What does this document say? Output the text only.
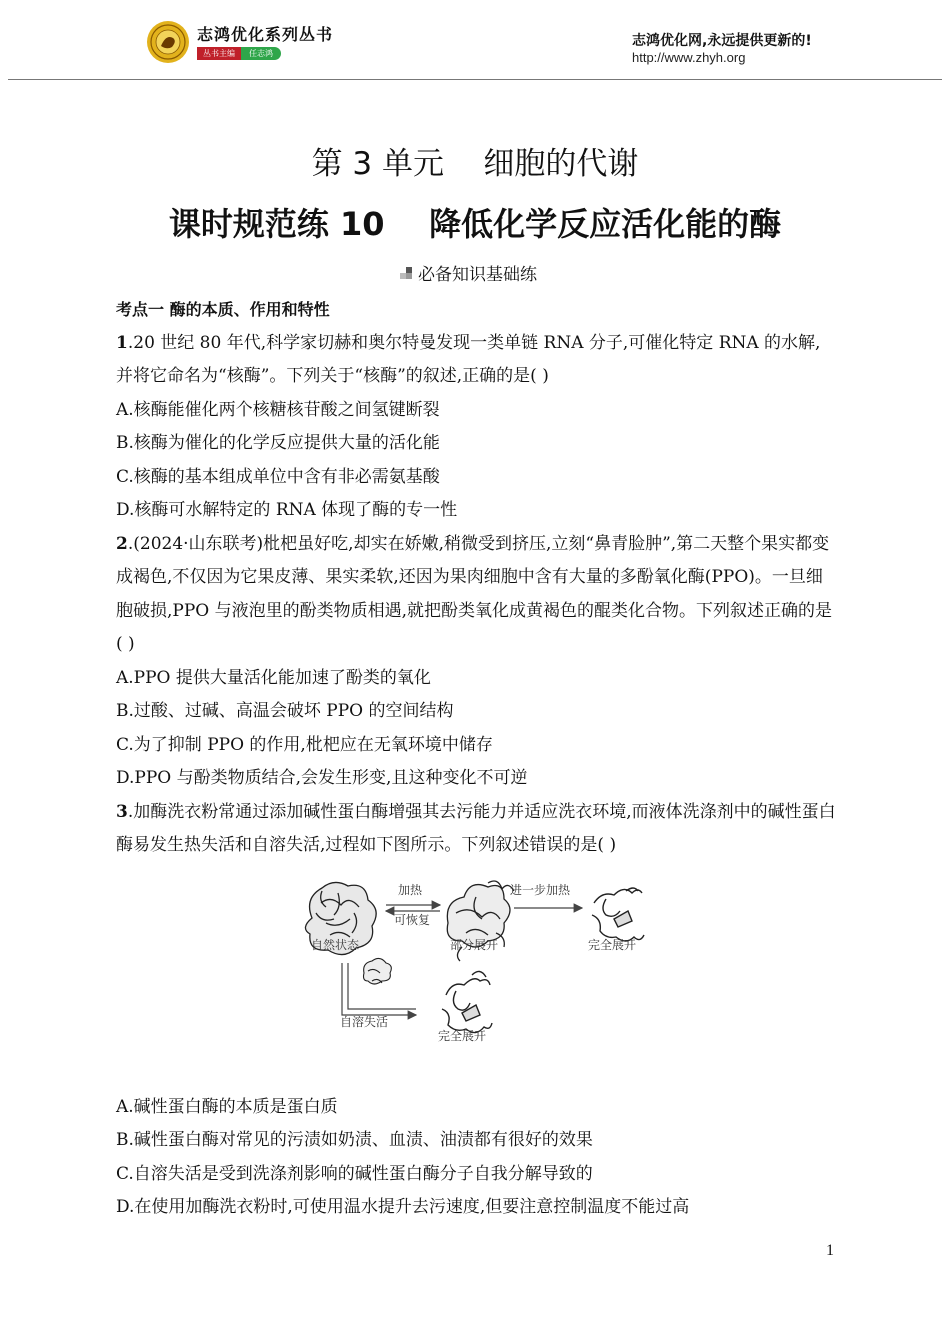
志鸿优化系列丛书
丛书主编	任志鸿
志鸿优化网,永远提供更新的!
http://www.zhyh.org
第 3 单元    细胞的代谢
课时规范练 10    降低化学反应活化能的酶
必备知识基础练

考点一 酶的本质、作用和特性

1.20 世纪 80 年代,科学家切赫和奥尔特曼发现一类单链 RNA 分子,可催化特定 RNA 的水解,并将它命名为“核酶”。下列关于“核酶”的叙述,正确的是( )

A.核酶能催化两个核糖核苷酸之间氢键断裂

B.核酶为催化的化学反应提供大量的活化能

C.核酶的基本组成单位中含有非必需氨基酸

D.核酶可水解特定的 RNA 体现了酶的专一性

2.(2024·山东联考)枇杷虽好吃,却实在娇嫩,稍微受到挤压,立刻“鼻青脸肿”,第二天整个果实都变成褐色,不仅因为它果皮薄、果实柔软,还因为果肉细胞中含有大量的多酚氧化酶(PPO)。一旦细胞破损,PPO 与液泡里的酚类物质相遇,就把酚类氧化成黄褐色的醌类化合物。下列叙述正确的是( )

A.PPO 提供大量活化能加速了酚类的氧化

B.过酸、过碱、高温会破坏 PPO 的空间结构

C.为了抑制 PPO 的作用,枇杷应在无氧环境中储存

D.PPO 与酚类物质结合,会发生形变,且这种变化不可逆

3.加酶洗衣粉常通过添加碱性蛋白酶增强其去污能力并适应洗衣环境,而液体洗涤剂中的碱性蛋白酶易发生热失活和自溶失活,过程如下图所示。下列叙述错误的是( )

自然状态
加热
可恢复
部分展开
进一步加热
完全展开
自溶失活
完全展开

A.碱性蛋白酶的本质是蛋白质

B.碱性蛋白酶对常见的污渍如奶渍、血渍、油渍都有很好的效果

C.自溶失活是受到洗涤剂影响的碱性蛋白酶分子自我分解导致的

D.在使用加酶洗衣粉时,可使用温水提升去污速度,但要注意控制温度不能过高

1
